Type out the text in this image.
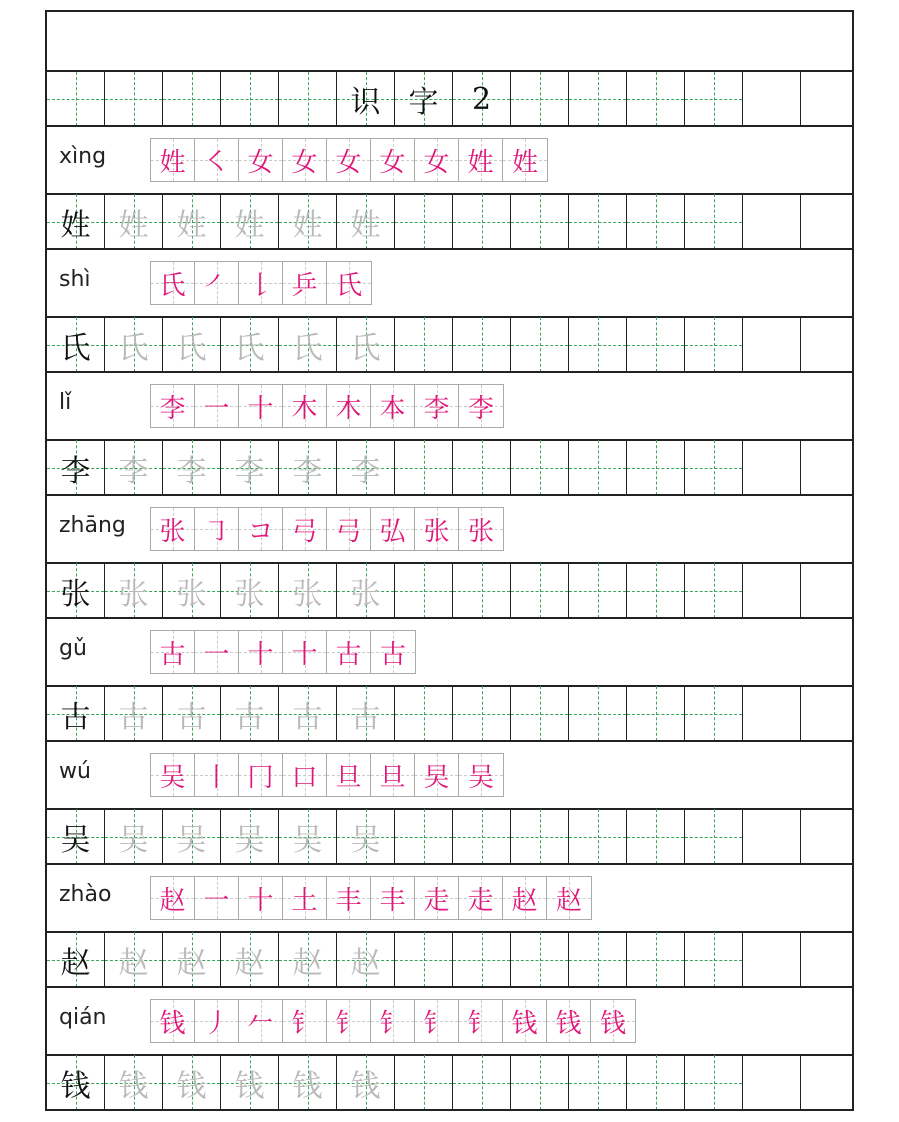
识 字	2
xìng 姓 ㇛ 女 女 女 女 女 姓 姓
姓 姓 姓 姓 姓 姓
shì	氏 ㇒ 𠄌 乒 氏
氏 氏 氏 氏 氏 氏
lǐ	李 一 十 木 木 本 李 李
李 李 李 李 李 李
zhāng 张 ㇆ コ 弓 弓 弘 张 张
张 张 张 张 张 张
gǔ	古 一 十 十 古 古
古 古 古 古 古 古
wú	吴 丨 冂 口 旦 旦 旲 吴
吴 吴 吴 吴 吴 吴
zhào 赵 一 十 土 丰 丰 走 走 赵 赵
赵 赵 赵 赵 赵 赵
qián 钱 丿 𠂉 钅 钅 钅 钅 钅 钱 钱 钱
钱 钱 钱 钱 钱 钱
